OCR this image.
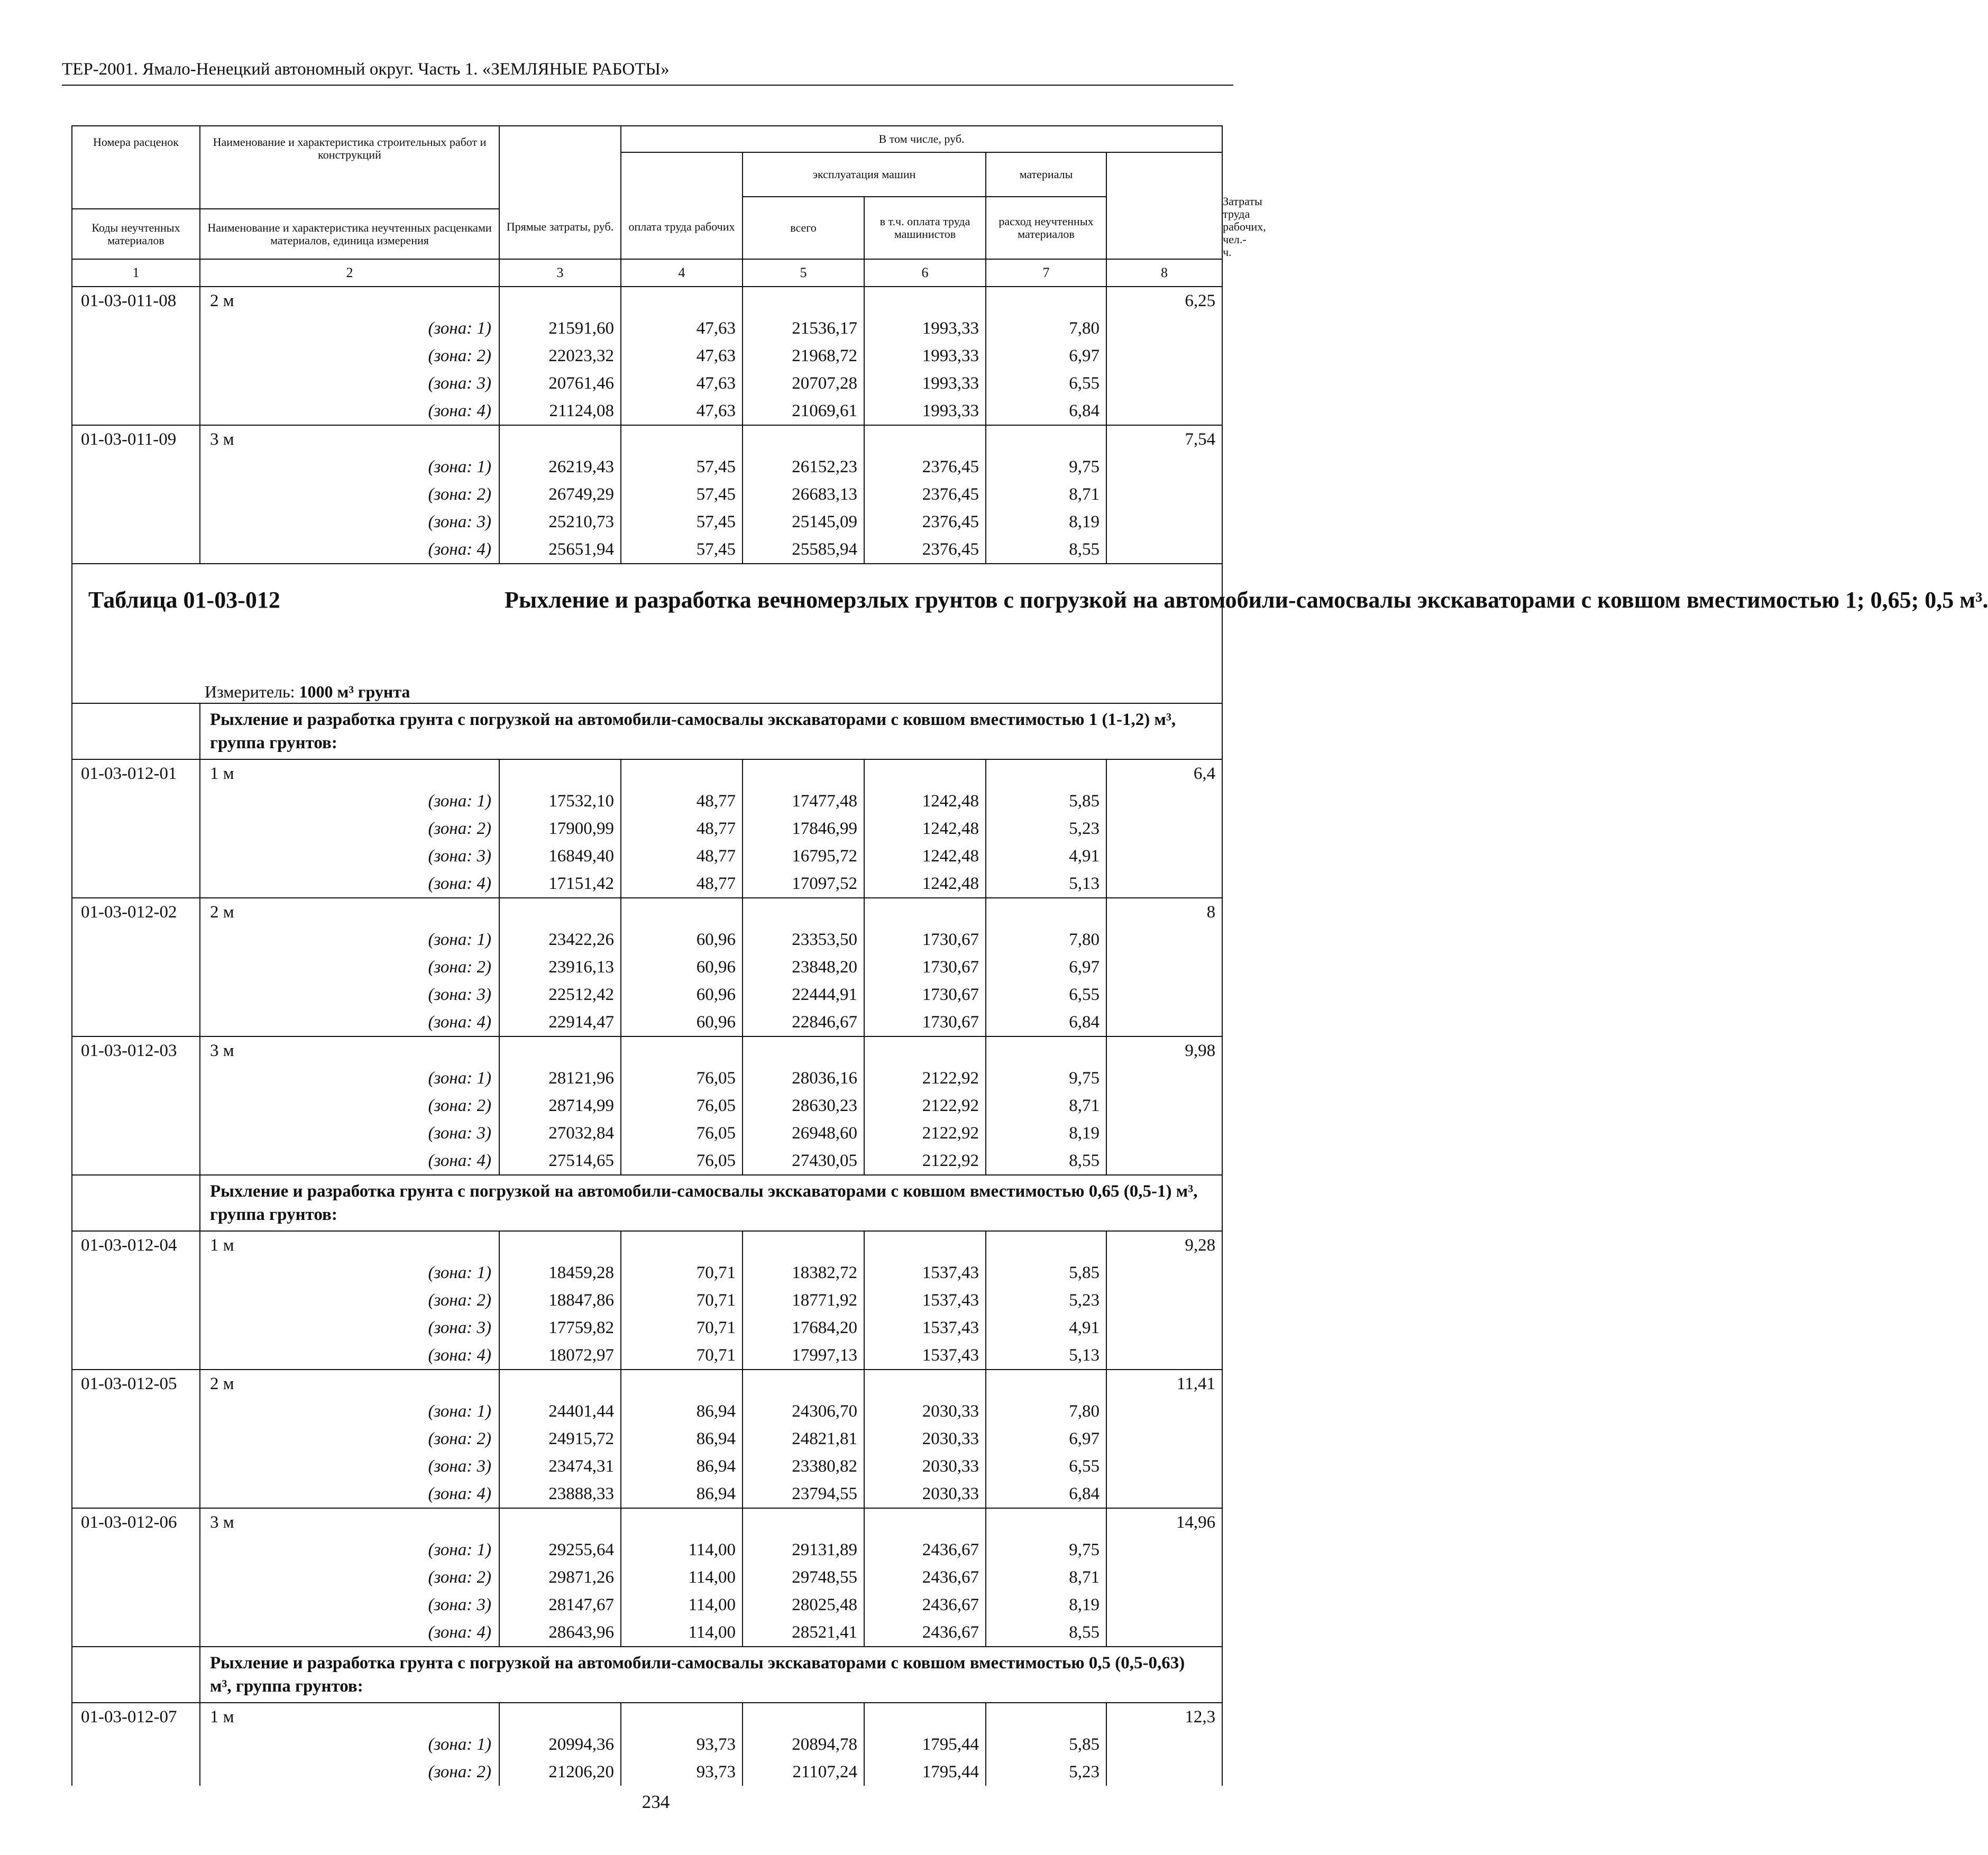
ТЕР-2001. Ямало-Ненецкий автономный округ. Часть 1. «ЗЕМЛЯНЫЕ РАБОТЫ»
Номера расценок	Наименование и характеристика строительных работ и конструкций	Прямые затраты, руб.	В том числе, руб.					Затраты труда рабочих, чел.-ч.
			оплата труда рабочих	эксплуатация машин		материалы		
				всего	в т.ч. оплата труда машинистов	расход неучтенных материалов		
Коды неучтенных материалов	Наименование и характеристика неучтенных расценками материалов, единица измерения							
1	2	3	4	5	6	7	8	
01-03-011-08	2 м						6,25	
	(зона: 1)	21591,60	47,63	21536,17	1993,33	7,80		
	(зона: 2)	22023,32	47,63	21968,72	1993,33	6,97		
	(зона: 3)	20761,46	47,63	20707,28	1993,33	6,55		
	(зона: 4)	21124,08	47,63	21069,61	1993,33	6,84		
01-03-011-09	3 м						7,54	
	(зона: 1)	26219,43	57,45	26152,23	2376,45	9,75		
	(зона: 2)	26749,29	57,45	26683,13	2376,45	8,71		
	(зона: 3)	25210,73	57,45	25145,09	2376,45	8,19		
	(зона: 4)	25651,94	57,45	25585,94	2376,45	8,55		

Таблица 01-03-012 Рыхление и разработка вечномерзлых грунтов с погрузкой на автомобили-самосвалы экскаваторами с ковшом вместимостью 1; 0,65; 0,5 м³.
Измеритель: 1000 м³ грунта								

	Рыхление и разработка грунта с погрузкой на автомобили-самосвалы экскаваторами с ковшом вместимостью 1 (1-1,2) м³, группа грунтов:							
01-03-012-01	1 м						6,4	
	(зона: 1)	17532,10	48,77	17477,48	1242,48	5,85		
	(зона: 2)	17900,99	48,77	17846,99	1242,48	5,23		
	(зона: 3)	16849,40	48,77	16795,72	1242,48	4,91		
	(зона: 4)	17151,42	48,77	17097,52	1242,48	5,13		
01-03-012-02	2 м						8	
	(зона: 1)	23422,26	60,96	23353,50	1730,67	7,80		
	(зона: 2)	23916,13	60,96	23848,20	1730,67	6,97		
	(зона: 3)	22512,42	60,96	22444,91	1730,67	6,55		
	(зона: 4)	22914,47	60,96	22846,67	1730,67	6,84		
01-03-012-03	3 м						9,98	
	(зона: 1)	28121,96	76,05	28036,16	2122,92	9,75		
	(зона: 2)	28714,99	76,05	28630,23	2122,92	8,71		
	(зона: 3)	27032,84	76,05	26948,60	2122,92	8,19		
	(зона: 4)	27514,65	76,05	27430,05	2122,92	8,55		
	Рыхление и разработка грунта с погрузкой на автомобили-самосвалы экскаваторами с ковшом вместимостью 0,65 (0,5-1) м³, группа грунтов:							
01-03-012-04	1 м						9,28	
	(зона: 1)	18459,28	70,71	18382,72	1537,43	5,85		
	(зона: 2)	18847,86	70,71	18771,92	1537,43	5,23		
	(зона: 3)	17759,82	70,71	17684,20	1537,43	4,91		
	(зона: 4)	18072,97	70,71	17997,13	1537,43	5,13		
01-03-012-05	2 м						11,41	
	(зона: 1)	24401,44	86,94	24306,70	2030,33	7,80		
	(зона: 2)	24915,72	86,94	24821,81	2030,33	6,97		
	(зона: 3)	23474,31	86,94	23380,82	2030,33	6,55		
	(зона: 4)	23888,33	86,94	23794,55	2030,33	6,84		
01-03-012-06	3 м						14,96	
	(зона: 1)	29255,64	114,00	29131,89	2436,67	9,75		
	(зона: 2)	29871,26	114,00	29748,55	2436,67	8,71		
	(зона: 3)	28147,67	114,00	28025,48	2436,67	8,19		
	(зона: 4)	28643,96	114,00	28521,41	2436,67	8,55		
	Рыхление и разработка грунта с погрузкой на автомобили-самосвалы экскаваторами с ковшом вместимостью 0,5 (0,5-0,63) м³, группа грунтов:							
01-03-012-07	1 м						12,3	
	(зона: 1)	20994,36	93,73	20894,78	1795,44	5,85		
	(зона: 2)	21206,20	93,73	21107,24	1795,44	5,23		
234
